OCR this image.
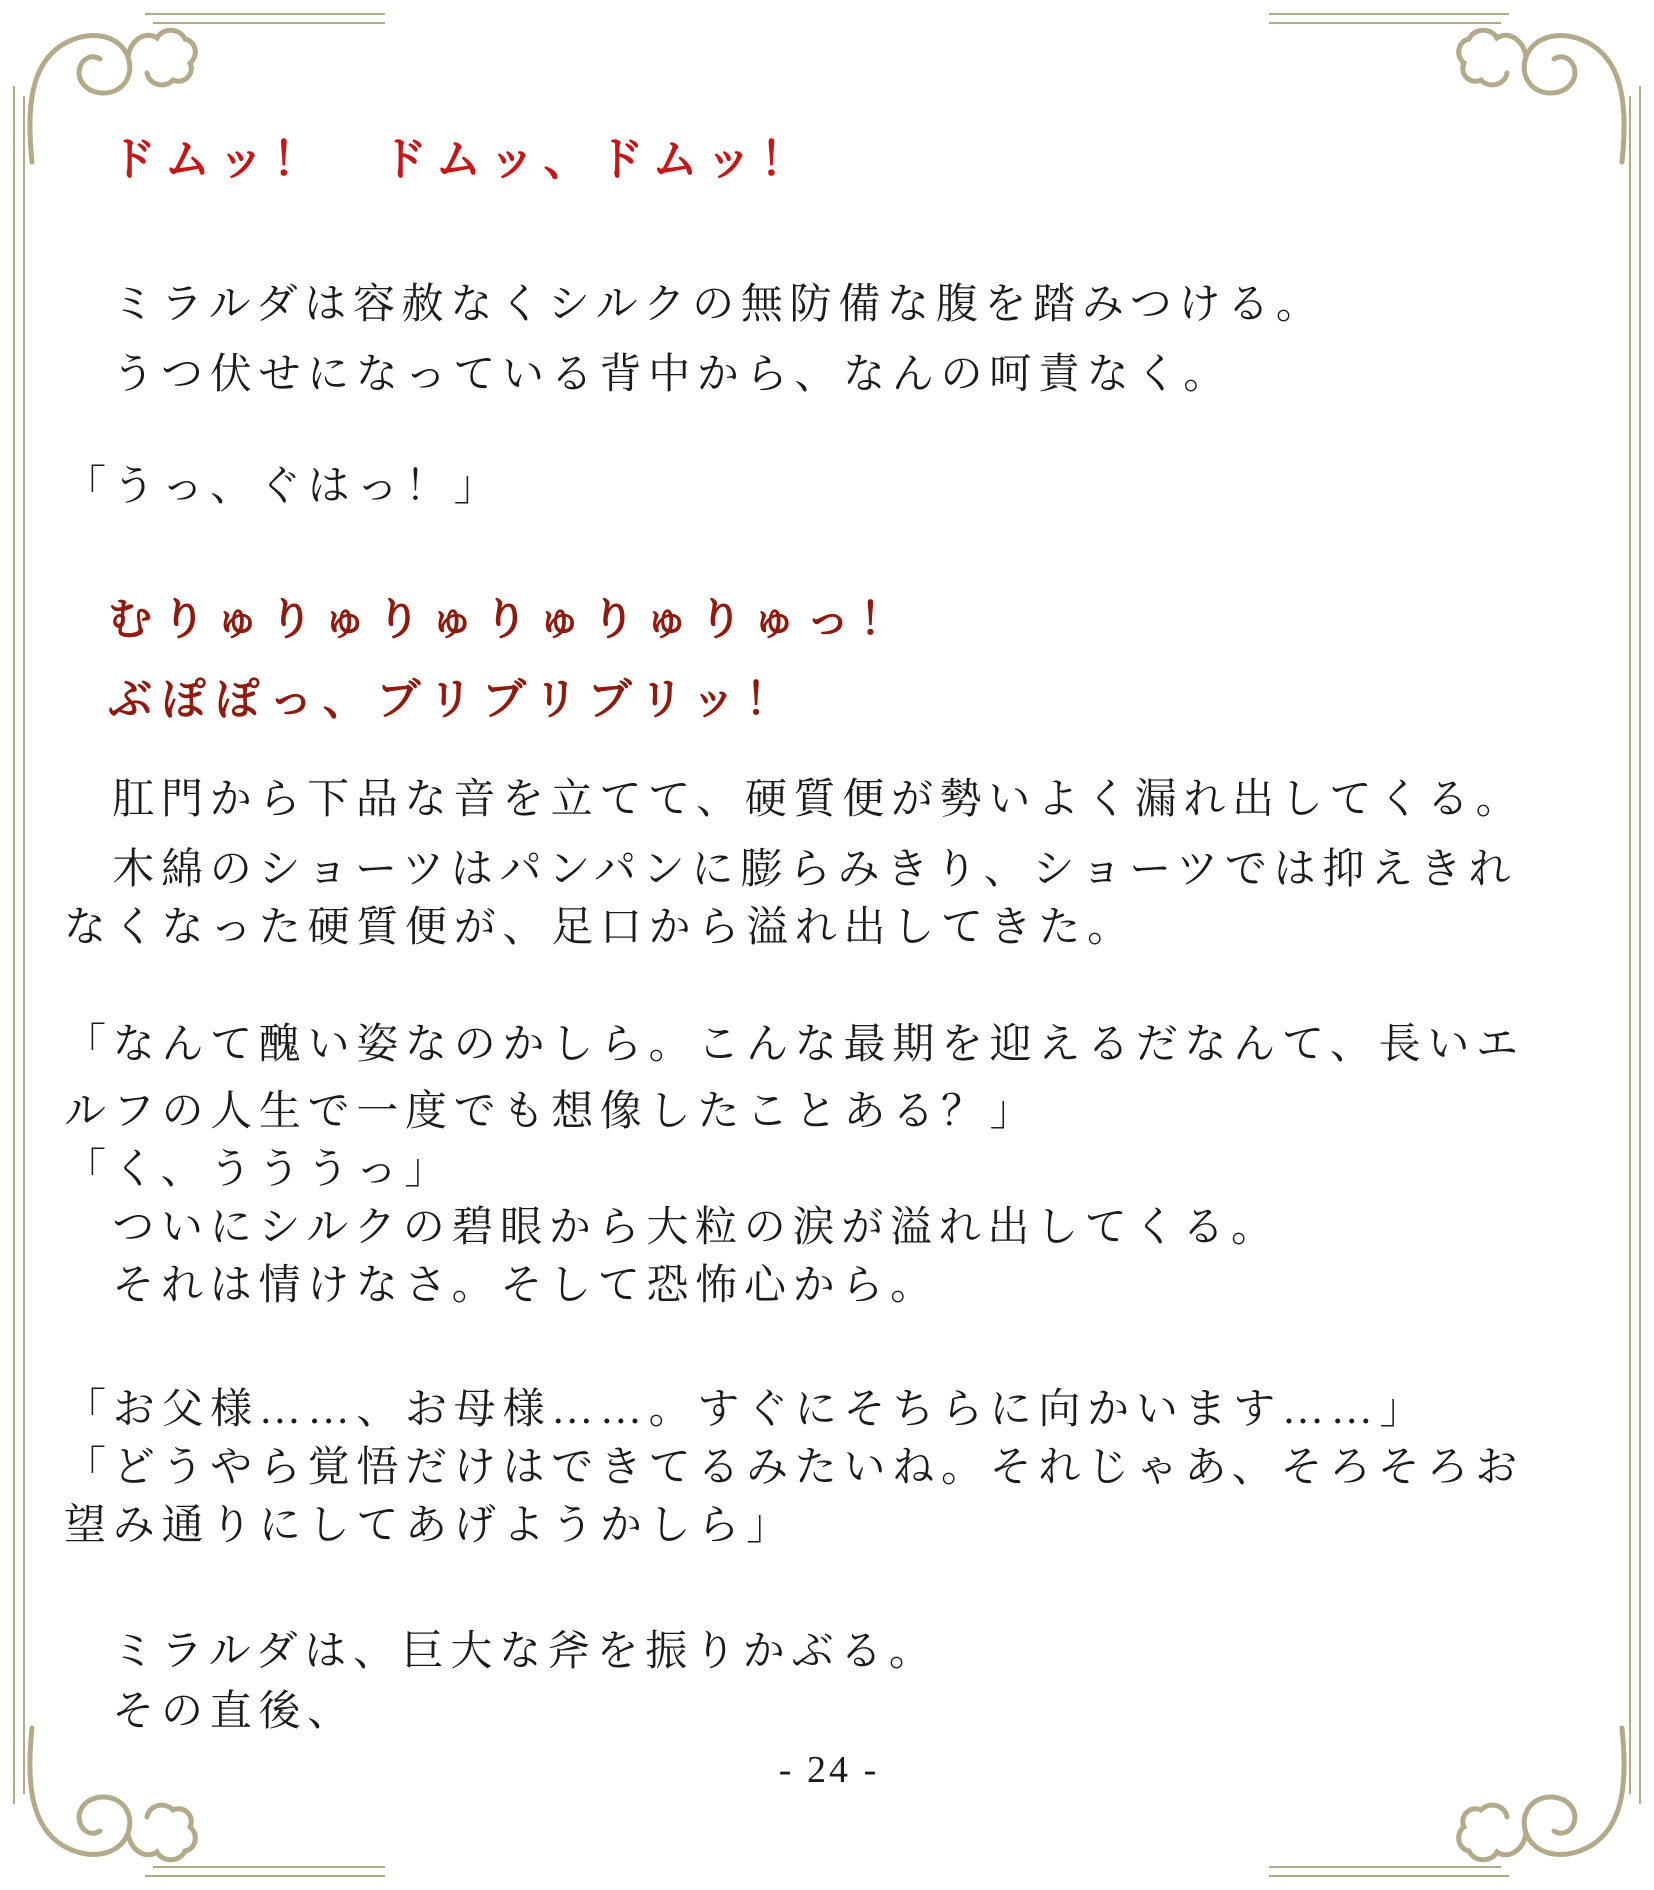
ドムッ！　ドムッ、ドムッ！

ミラルダは容赦なくシルクの無防備な腹を踏みつける。

うつ伏せになっている背中から、なんの呵責なく。

「うっ、ぐはっ！」

むりゅりゅりゅりゅりゅりゅっ！

ぶぽぽっ、ブリブリブリッ！

肛門から下品な音を立てて、硬質便が勢いよく漏れ出してくる。

木綿のショーツはパンパンに膨らみきり、ショーツでは抑えきれ

なくなった硬質便が、足口から溢れ出してきた。

「なんて醜い姿なのかしら。こんな最期を迎えるだなんて、長いエ

ルフの人生で一度でも想像したことある？」

「く、うううっ」

ついにシルクの碧眼から大粒の涙が溢れ出してくる。

それは情けなさ。そして恐怖心から。

「お父様……、お母様……。すぐにそちらに向かいます……」

「どうやら覚悟だけはできてるみたいね。それじゃあ、そろそろお

望み通りにしてあげようかしら」

ミラルダは、巨大な斧を振りかぶる。

その直後、

- 24 -
